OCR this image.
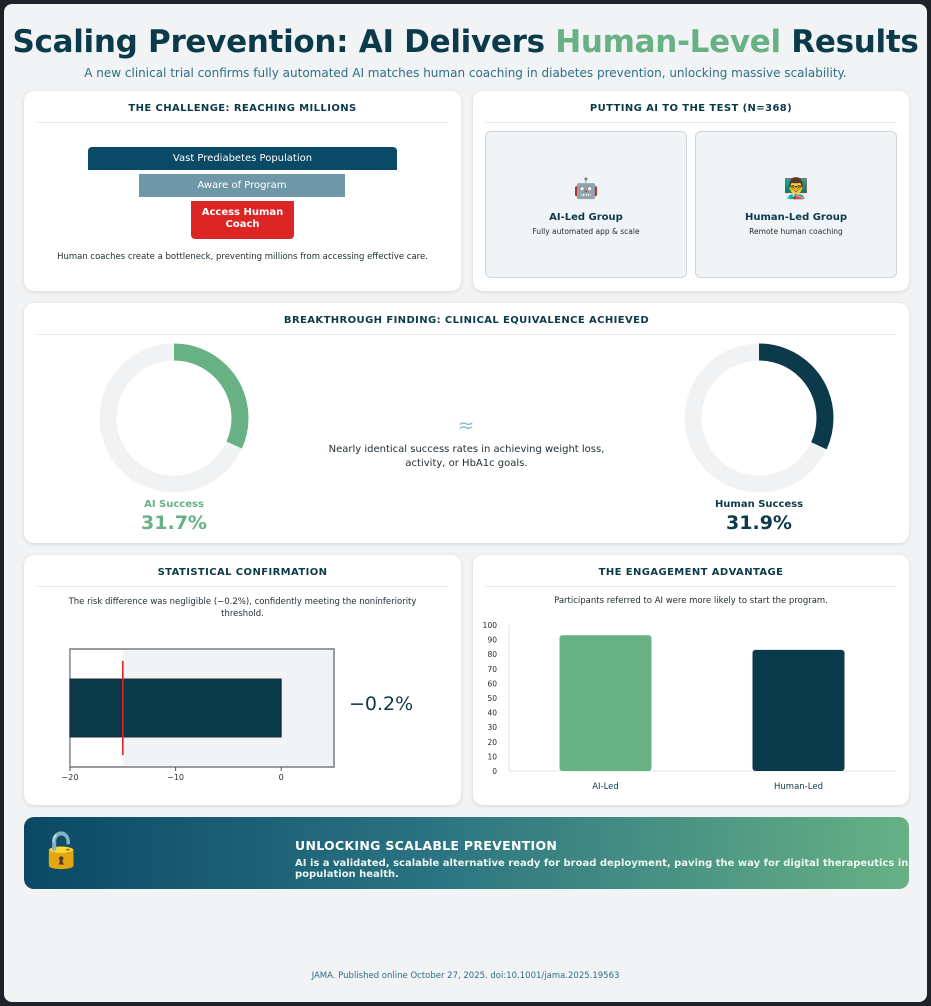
Scaling Prevention: AI Delivers Human-Level Results
A new clinical trial confirms fully automated AI matches human coaching in diabetes prevention, unlocking massive scalability.
THE CHALLENGE: REACHING MILLIONS
Vast Prediabetes Population
Aware of Program
Access Human Coach
Human coaches create a bottleneck, preventing millions from accessing effective care.
PUTTING AI TO THE TEST (N=368)
🤖
AI-Led Group
Fully automated app & scale
👨‍🏫
Human-Led Group
Remote human coaching
BREAKTHROUGH FINDING: CLINICAL EQUIVALENCE ACHIEVED
AI Success
31.7%
≈
Nearly identical success rates in achieving weight loss, activity, or HbA1c goals.
Human Success
31.9%
STATISTICAL CONFIRMATION
The risk difference was negligible (−0.2%), confidently meeting the noninferiority threshold.
−20	−10	0
−0.2%
THE ENGAGEMENT ADVANTAGE
Participants referred to AI were more likely to start the program.
0
10
20
30
40
50
60
70
80
90
100
AI-Led	Human-Led
🔓	UNLOCKING SCALABLE PREVENTION
AI is a validated, scalable alternative ready for broad deployment, paving the way for digital therapeutics in population health.
JAMA. Published online October 27, 2025. doi:10.1001/jama.2025.19563
